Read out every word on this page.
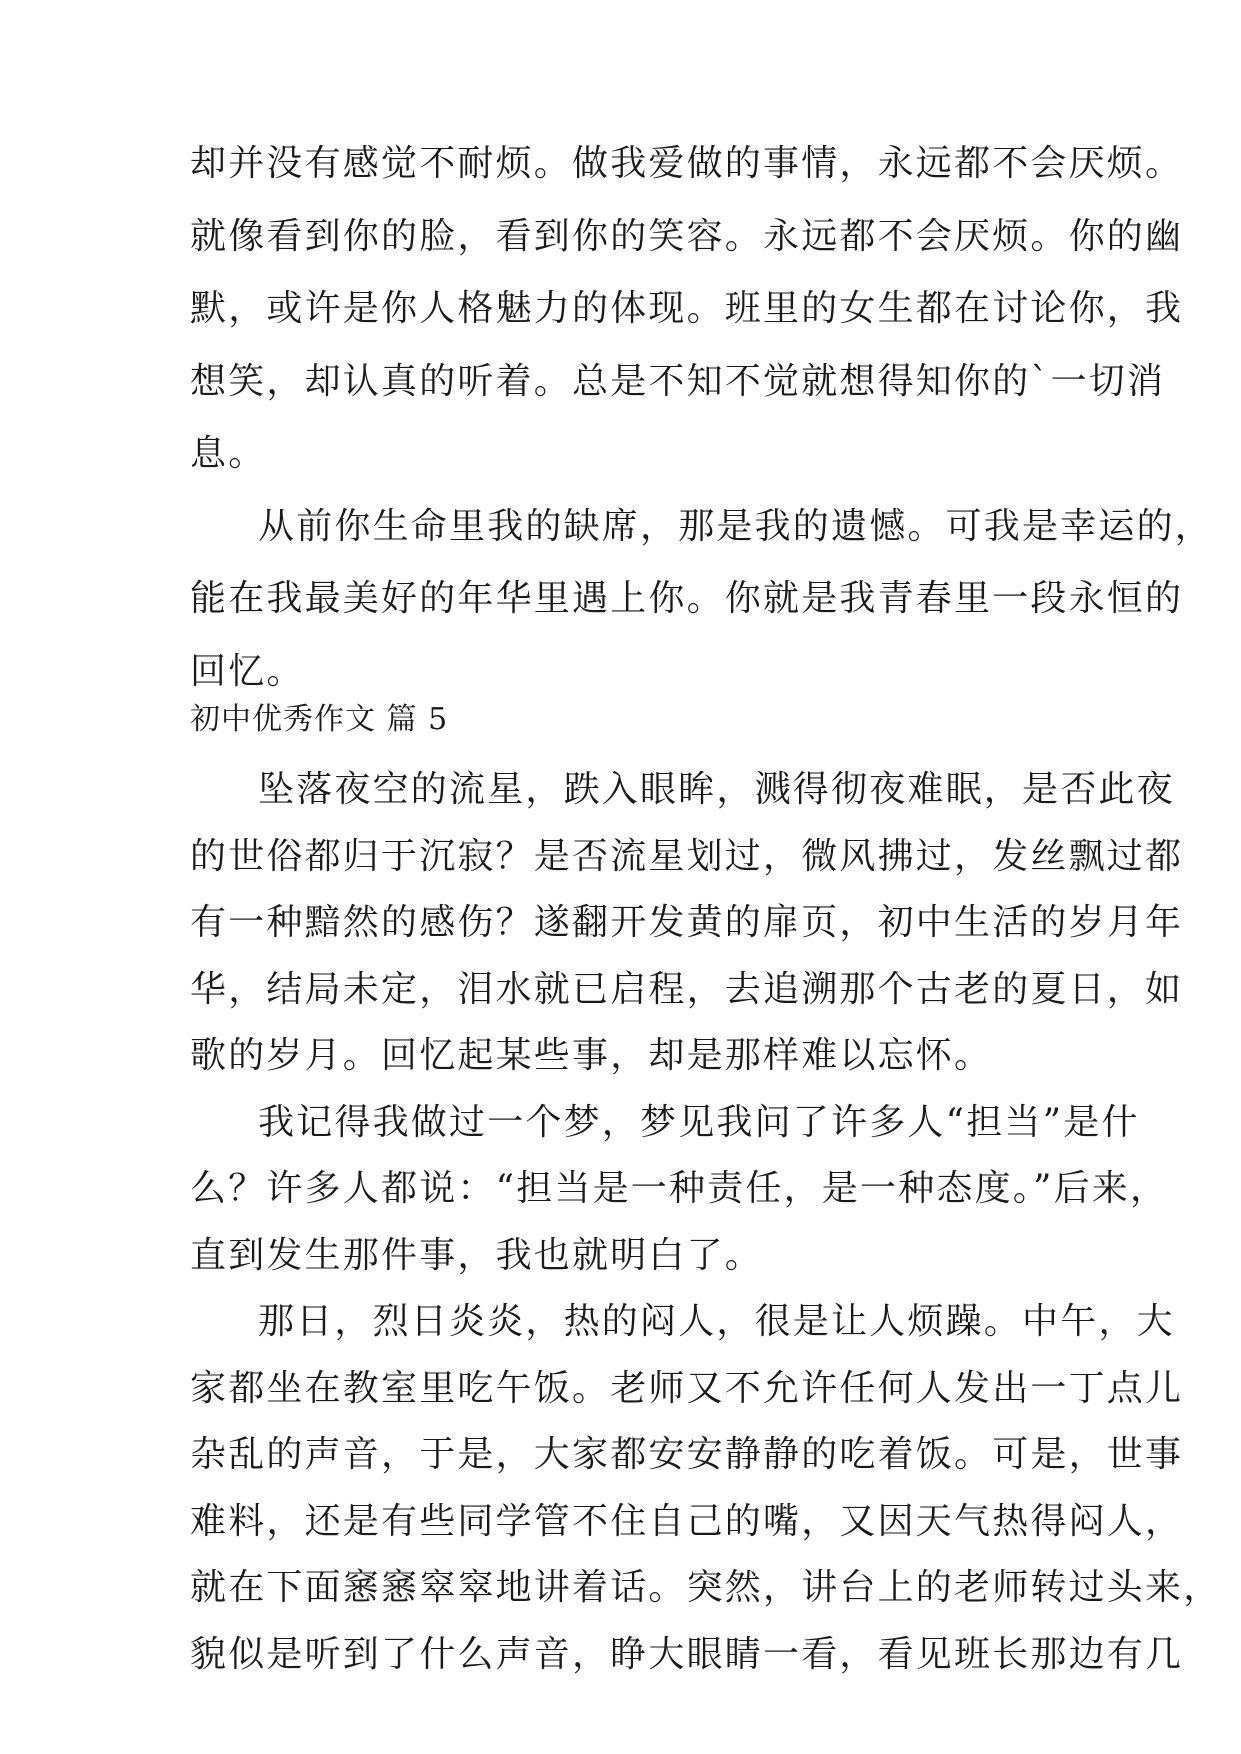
却并没有感觉不耐烦。做我爱做的事情，永远都不会厌烦。
就像看到你的脸，看到你的笑容。永远都不会厌烦。你的幽
默，或许是你人格魅力的体现。班里的女生都在讨论你，我
想笑，却认真的听着。总是不知不觉就想得知你的`一切消
息。
从前你生命里我的缺席，那是我的遗憾。可我是幸运的，
能在我最美好的年华里遇上你。你就是我青春里一段永恒的
回忆。
初中优秀作文 篇 5
坠落夜空的流星，跌入眼眸，溅得彻夜难眠，是否此夜
的世俗都归于沉寂？是否流星划过，微风拂过，发丝飘过都
有一种黯然的感伤？遂翻开发黄的扉页，初中生活的岁月年
华，结局未定，泪水就已启程，去追溯那个古老的夏日，如
歌的岁月。回忆起某些事，却是那样难以忘怀。
我记得我做过一个梦，梦见我问了许多人“担当”是什
么？许多人都说：“担当是一种责任，是一种态度。”后来，
直到发生那件事，我也就明白了。
那日，烈日炎炎，热的闷人，很是让人烦躁。中午，大
家都坐在教室里吃午饭。老师又不允许任何人发出一丁点儿
杂乱的声音，于是，大家都安安静静的吃着饭。可是，世事
难料，还是有些同学管不住自己的嘴，又因天气热得闷人，
就在下面窸窸窣窣地讲着话。突然，讲台上的老师转过头来，
貌似是听到了什么声音，睁大眼睛一看，看见班长那边有几
